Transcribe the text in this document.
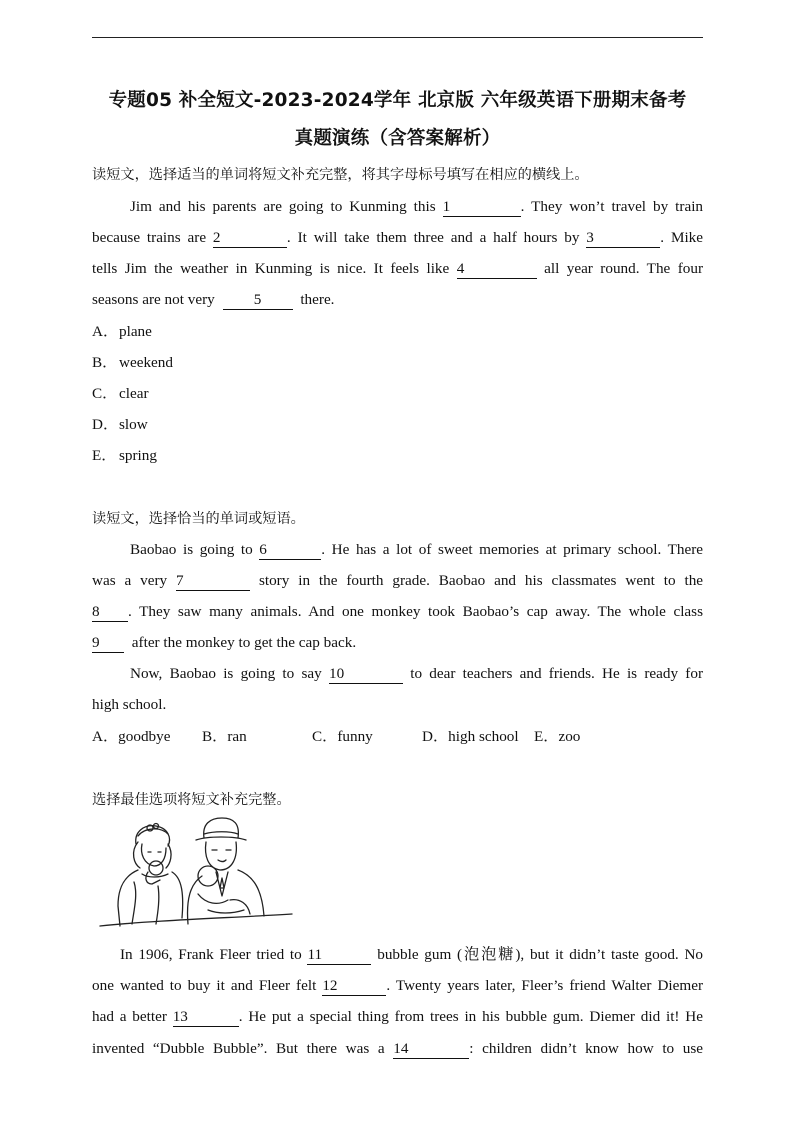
专题05 补全短文-2023-2024学年 北京版 六年级英语下册期末备考
真题演练（含答案解析）
读短文，选择适当的单词将短文补充完整，将其字母标号填写在相应的横线上。
Jim and his parents are going to Kunming this 1	. They won’t travel by train
because trains are 2	. It will take them three and a half hours by 3	. Mike
tells Jim the weather in Kunming is nice. It feels like 4	all year round. The four
seasons are not very	5	there.
A．plane
B． weekend
C． clear
D．slow
E． spring
读短文，选择恰当的单词或短语。
Baobao is going to 6	. He has a lot of sweet memories at primary school. There
was a very 7	story in the fourth grade. Baobao and his classmates went to the
8 . They saw many animals. And one monkey took Baobao’s cap away. The whole class
9 after the monkey to get the cap back.
Now, Baobao is going to say 10	to dear teachers and friends. He is ready for
high school.
A．goodbye B．ran	C．funny	D．high school E．zoo
选择最佳选项将短文补充完整。
In 1906, Frank Fleer tried to 11	bubble gum (泡泡糖), but it didn’t taste good. No
one wanted to buy it and Fleer felt 12	. Twenty years later, Fleer’s friend Walter Diemer
had a better 13	. He put a special thing from trees in his bubble gum. Diemer did it! He
invented “Dubble Bubble”. But there was a 14	: children didn’t know how to use
